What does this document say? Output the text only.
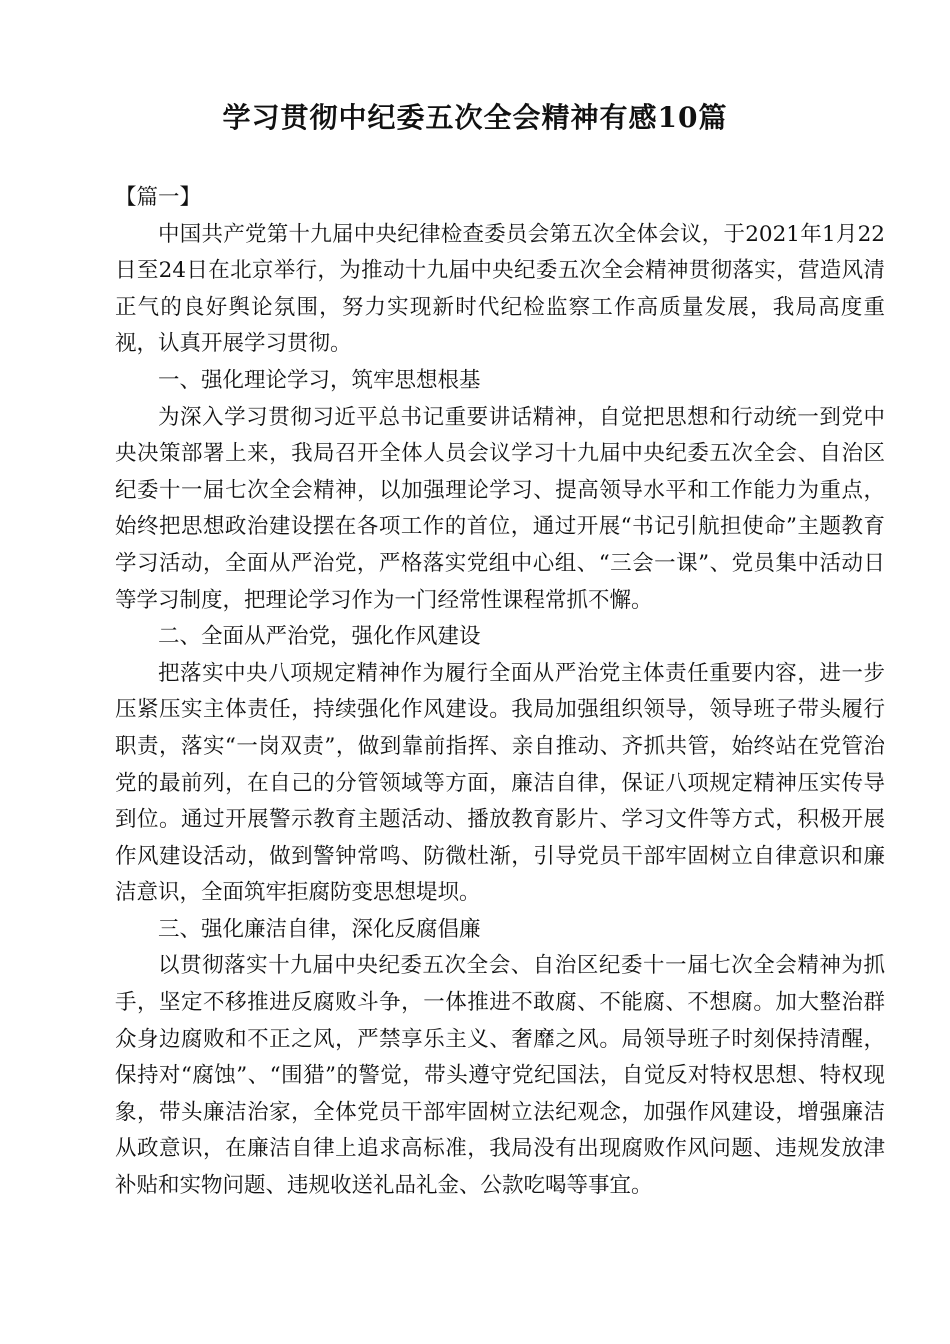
学习贯彻中纪委五次全会精神有感10篇

【篇一】

中国共产党第十九届中央纪律检查委员会第五次全体会议，于2021年1月22日至24日在北京举行，为推动十九届中央纪委五次全会精神贯彻落实，营造风清正气的良好舆论氛围，努力实现新时代纪检监察工作高质量发展，我局高度重视，认真开展学习贯彻。

一、强化理论学习，筑牢思想根基

为深入学习贯彻习近平总书记重要讲话精神，自觉把思想和行动统一到党中央决策部署上来，我局召开全体人员会议学习十九届中央纪委五次全会、自治区纪委十一届七次全会精神，以加强理论学习、提高领导水平和工作能力为重点，始终把思想政治建设摆在各项工作的首位，通过开展“书记引航担使命”主题教育学习活动，全面从严治党，严格落实党组中心组、“三会一课”、党员集中活动日等学习制度，把理论学习作为一门经常性课程常抓不懈。

二、全面从严治党，强化作风建设

把落实中央八项规定精神作为履行全面从严治党主体责任重要内容，进一步压紧压实主体责任，持续强化作风建设。我局加强组织领导，领导班子带头履行职责，落实“一岗双责”，做到靠前指挥、亲自推动、齐抓共管，始终站在党管治党的最前列，在自己的分管领域等方面，廉洁自律，保证八项规定精神压实传导到位。通过开展警示教育主题活动、播放教育影片、学习文件等方式，积极开展作风建设活动，做到警钟常鸣、防微杜渐，引导党员干部牢固树立自律意识和廉洁意识，全面筑牢拒腐防变思想堤坝。

三、强化廉洁自律，深化反腐倡廉

以贯彻落实十九届中央纪委五次全会、自治区纪委十一届七次全会精神为抓手，坚定不移推进反腐败斗争，一体推进不敢腐、不能腐、不想腐。加大整治群众身边腐败和不正之风，严禁享乐主义、奢靡之风。局领导班子时刻保持清醒，保持对“腐蚀”、“围猎”的警觉，带头遵守党纪国法，自觉反对特权思想、特权现象，带头廉洁治家，全体党员干部牢固树立法纪观念，加强作风建设，增强廉洁从政意识，在廉洁自律上追求高标准，我局没有出现腐败作风问题、违规发放津补贴和实物问题、违规收送礼品礼金、公款吃喝等事宜。
